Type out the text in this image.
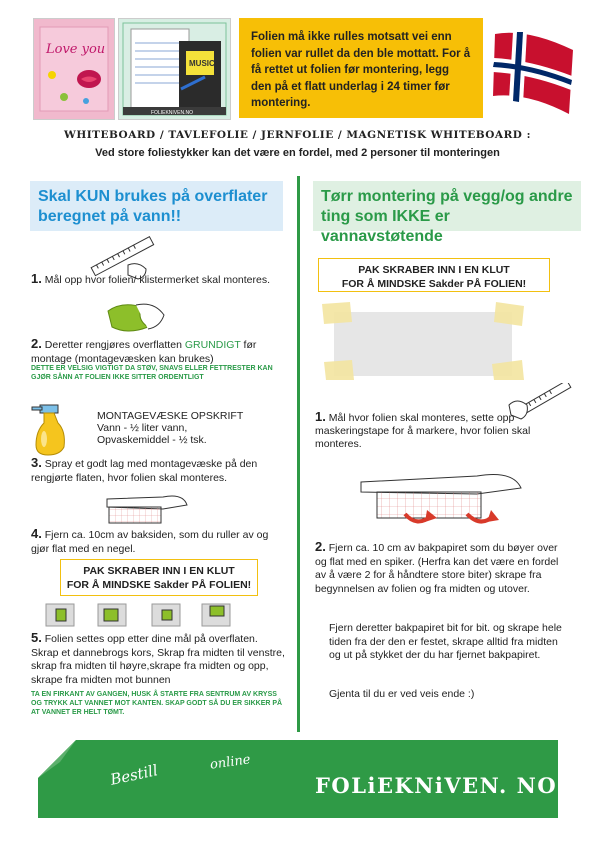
Love you
MUSIC
FOLIEKNIVEN.NO
Folien må ikke rulles motsatt vei enn folien var rullet da den ble mottatt. For å få rettet ut folien før montering, legg den på et flatt underlag i 24 timer før montering.
WHITEBOARD / TAVLEFOLIE / JERNFOLIE / MAGNETISK WHITEBOARD :
Ved store foliestykker kan det være en fordel, med 2 personer til monteringen
Skal KUN brukes på overflater beregnet på vann!!
Tørr montering på vegg/og andre ting som IKKE er vannavstøtende
1. Mål opp hvor folien/ klistermerket skal monteres.
2. Deretter rengjøres overflatten GRUNDIGT før montage (montagevæsken kan brukes)
DETTE ER VELSIG VIGTIGT DA STØV, SNAVS ELLER FETTRESTER KAN GJØR SÅNN AT FOLIEN IKKE SITTER ORDENTLIGT
MONTAGEVÆSKE OPSKRIFT
Vann - ½ liter vann,
Opvaskemiddel - ½ tsk.
3. Spray et godt lag med montagevæske på den rengjørte flaten, hvor folien skal monteres.
4. Fjern ca. 10cm av baksiden, som du ruller av og gjør flat med en negel.
PAK SKRABER INN I EN KLUT
FOR Å MINDSKE Sakder PÅ FOLIEN!
5. Folien settes opp etter dine mål på overflaten. Skrap et dannebrogs kors, Skrap fra midten til venstre, skrap fra midten til høyre,skrape fra midten og opp, skrape fra midten mot bunnen
TA EN FIRKANT AV GANGEN, HUSK Å STARTE FRA SENTRUM AV KRYSS OG TRYKK ALT VANNET MOT KANTEN. SKAP GODT SÅ DU ER SIKKER PÅ AT VANNET ER HELT TØMT.
PAK SKRABER INN I EN KLUT
FOR Å MINDSKE Sakder PÅ FOLIEN!
1. Mål hvor folien skal monteres, sette opp maskeringstape for å markere, hvor folien skal monteres.
2. Fjern ca. 10 cm av bakpapiret som du bøyer over og flat med en spiker. (Herfra kan det være en fordel av å være 2 for å håndtere store biter) skrape fra begynnelsen av folien og fra midten og utover.
Fjern deretter bakpapiret bit for bit. og skrape hele tiden fra der den er festet, skrape alltid fra midten og ut på stykket der du har fjernet bakpapiret.
Gjenta til du er ved veis ende :)
Bestill	online
FOLiEKNiVEN. NO
